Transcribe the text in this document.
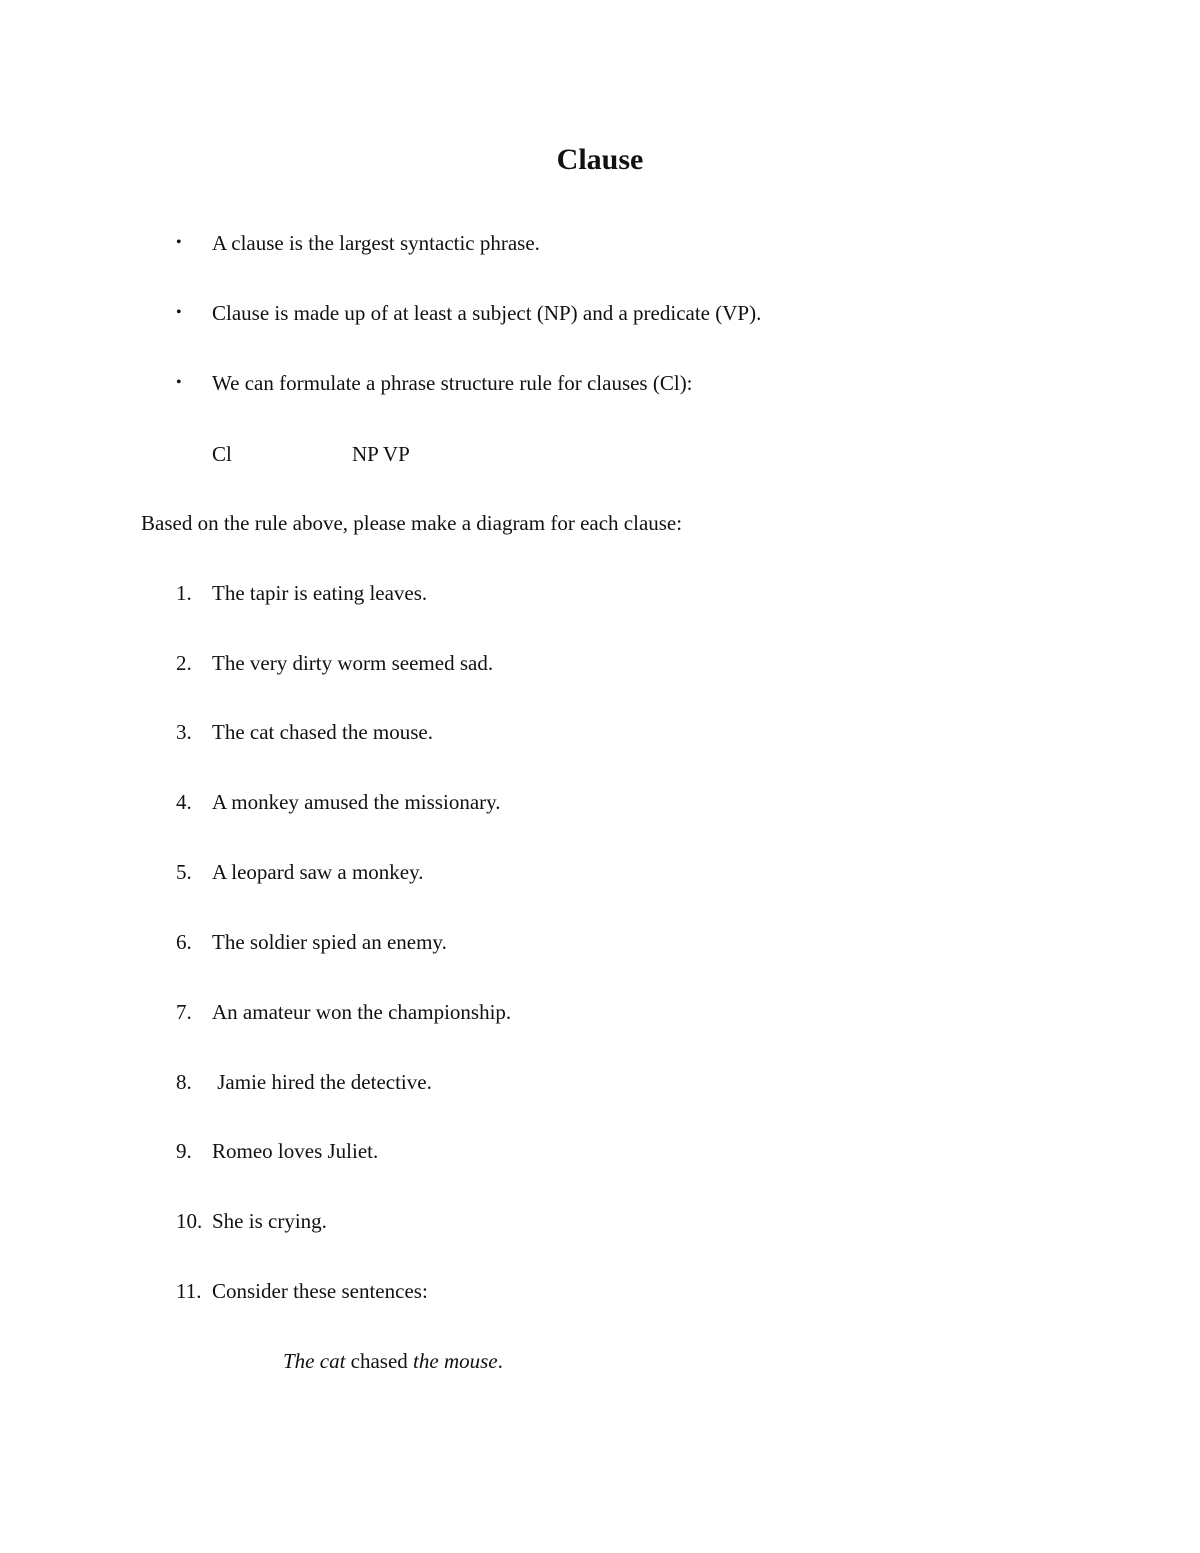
Clause
• A clause is the largest syntactic phrase.
• Clause is made up of at least a subject (NP) and a predicate (VP).
• We can formulate a phrase structure rule for clauses (Cl):
Cl	NP VP
Based on the rule above, please make a diagram for each clause:
1. The tapir is eating leaves.
2. The very dirty worm seemed sad.
3. The cat chased the mouse.
4. A monkey amused the missionary.
5. A leopard saw a monkey.
6. The soldier spied an enemy.
7. An amateur won the championship.
8. Jamie hired the detective.
9. Romeo loves Juliet.
10. She is crying.
11. Consider these sentences:
The cat chased the mouse.
